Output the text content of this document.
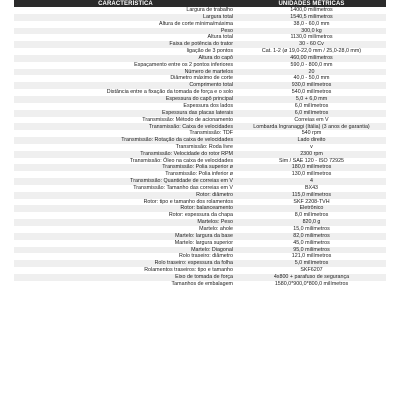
CARACTERÍSTICA	UNIDADES MÉTRICAS
Largura de trabalho	1400,0 milímetros
Largura total	1540,5 milímetros
Altura de corte mínima/máxima	38,0 - 60,0 mm
Peso	300,0 kg
Altura total	1130,0 milímetros
Faixa de potência do trator	30 - 60 Cv
ligação de 3 pontos	Cat. 1-2 (ø 19,0-22,0 mm / 25,0-28,0 mm)
Altura do capô	460,00 milímetros
Espaçamento entre os 2 pontos inferiores	590,0 - 800,0 mm
Número de martelos	20
Diâmetro máximo de corte	40,0 - 50,0 mm
Comprimento total	930,0 milímetros
Distância entre a fixação da tomada de força e o solo	540,0 milímetros
Espessura do capô principal	5,0 + 6,0 mm
Espessura dos lados	6,0 milímetros
Espessura das placas laterais	6,0 milímetros
Transmissão: Método de acionamento	Correias em V
Transmissão: Caixa de velocidades	Lombarda Ingranaggi (Itália) (3 anos de garantia)
Transmissão: TDF	540 rpm
Transmissão: Rotação da caixa de velocidades	Lado direito
Transmissão: Roda livre	v
Transmissão: Velocidade do rotor RPM	2300 rpm
Transmissão: Óleo na caixa de velocidades	Sim / SAE 120 - ISO 72925
Transmissão: Polia superior ø	180,0 milímetros
Transmissão: Polia inferior ø	130,0 milímetros
Transmissão: Quantidade de correias em V	4
Transmissão: Tamanho das correias em V	BX43
Rotor: diâmetro	115,0 milímetros
Rotor: tipo e tamanho dos rolamentos	SKF 2208-TVH
Rotor: balanceamento	Eletrônico
Rotor: espessura da chapa	8,0 milímetros
Martelos: Peso	820,0 g
Martelo: ahole	15,0 milímetros
Martelo: largura da base	82,0 milímetros
Martelo: largura superior	45,0 milímetros
Martelo: Diagonal	95,0 milímetros
Rolo traseiro: diâmetro	121,0 milímetros
Rolo traseiro: espessura da folha	5,0 milímetros
Rolamentos traseiros: tipo e tamanho	SKF6207
Eixo de tomada de força	4x800 + parafuso de segurança
Tamanhos de embalagem	1580,0*900,0*800,0 milímetros
